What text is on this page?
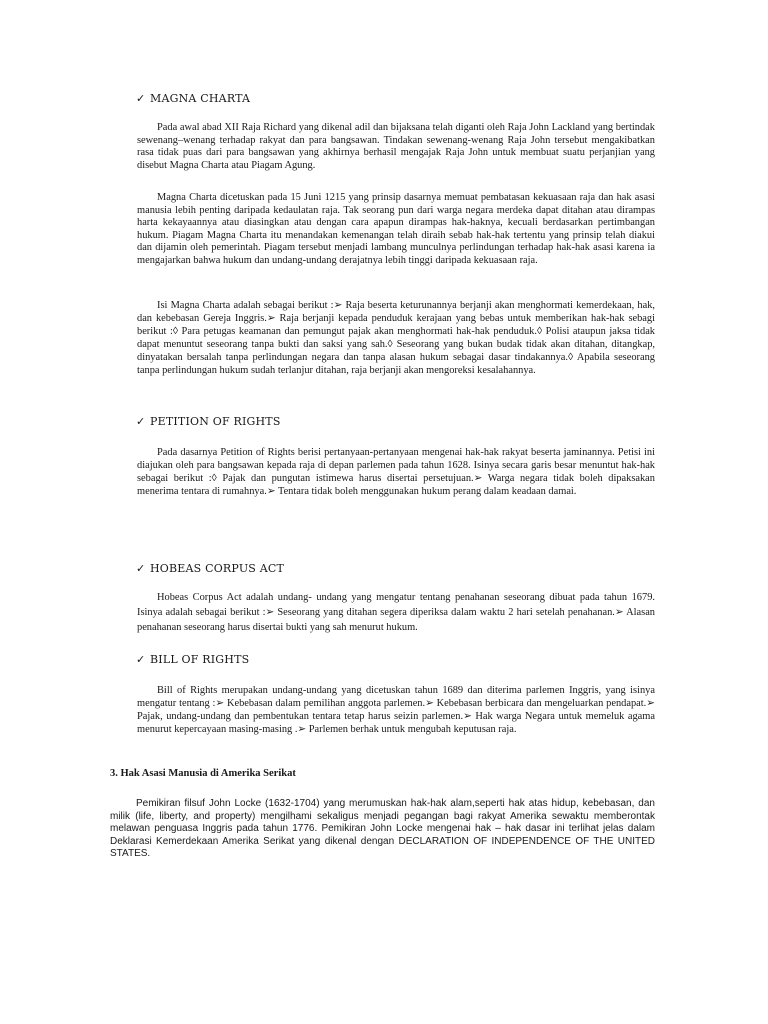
✓ MAGNA CHARTA

Pada awal abad XII Raja Richard yang dikenal adil dan bijaksana telah diganti oleh Raja John Lackland yang bertindak sewenang–wenang terhadap rakyat dan para bangsawan. Tindakan sewenang-wenang Raja John tersebut mengakibatkan rasa tidak puas dari para bangsawan yang akhirnya berhasil mengajak Raja John untuk membuat suatu perjanjian yang disebut Magna Charta atau Piagam Agung.

Magna Charta dicetuskan pada 15 Juni 1215 yang prinsip dasarnya memuat pembatasan kekuasaan raja dan hak asasi manusia lebih penting daripada kedaulatan raja. Tak seorang pun dari warga negara merdeka dapat ditahan atau dirampas harta kekayaannya atau diasingkan atau dengan cara apapun dirampas hak-haknya, kecuali berdasarkan pertimbangan hukum. Piagam Magna Charta itu menandakan kemenangan telah diraih sebab hak-hak tertentu yang prinsip telah diakui dan dijamin oleh pemerintah. Piagam tersebut menjadi lambang munculnya perlindungan terhadap hak-hak asasi karena ia mengajarkan bahwa hukum dan undang-undang derajatnya lebih tinggi daripada kekuasaan raja.

Isi Magna Charta adalah sebagai berikut :➢ Raja beserta keturunannya berjanji akan menghormati kemerdekaan, hak, dan kebebasan Gereja Inggris.➢ Raja berjanji kepada penduduk kerajaan yang bebas untuk memberikan hak-hak sebagi berikut :◊ Para petugas keamanan dan pemungut pajak akan menghormati hak-hak penduduk.◊ Polisi ataupun jaksa tidak dapat menuntut seseorang tanpa bukti dan saksi yang sah.◊ Seseorang yang bukan budak tidak akan ditahan, ditangkap, dinyatakan bersalah tanpa perlindungan negara dan tanpa alasan hukum sebagai dasar tindakannya.◊ Apabila seseorang tanpa perlindungan hukum sudah terlanjur ditahan, raja berjanji akan mengoreksi kesalahannya.

✓ PETITION OF RIGHTS

Pada dasarnya Petition of Rights berisi pertanyaan-pertanyaan mengenai hak-hak rakyat beserta jaminannya. Petisi ini diajukan oleh para bangsawan kepada raja di depan parlemen pada tahun 1628. Isinya secara garis besar menuntut hak-hak sebagai berikut :◊ Pajak dan pungutan istimewa harus disertai persetujuan.➢ Warga negara tidak boleh dipaksakan menerima tentara di rumahnya.➢ Tentara tidak boleh menggunakan hukum perang dalam keadaan damai.

✓ HOBEAS CORPUS ACT

Hobeas Corpus Act adalah undang- undang yang mengatur tentang penahanan seseorang dibuat pada tahun 1679. Isinya adalah sebagai berikut :➢ Seseorang yang ditahan segera diperiksa dalam waktu 2 hari setelah penahanan.➢ Alasan penahanan seseorang harus disertai bukti yang sah menurut hukum.

✓ BILL OF RIGHTS

Bill of Rights merupakan undang-undang yang dicetuskan tahun 1689 dan diterima parlemen Inggris, yang isinya mengatur tentang :➢ Kebebasan dalam pemilihan anggota parlemen.➢ Kebebasan berbicara dan mengeluarkan pendapat.➢ Pajak, undang-undang dan pembentukan tentara tetap harus seizin parlemen.➢ Hak warga Negara untuk memeluk agama menurut kepercayaan masing-masing .➢ Parlemen berhak untuk mengubah keputusan raja.

3. Hak Asasi Manusia di Amerika Serikat

Pemikiran filsuf John Locke (1632-1704) yang merumuskan hak-hak alam,seperti hak atas hidup, kebebasan, dan milik (life, liberty, and property) mengilhami sekaligus menjadi pegangan bagi rakyat Amerika sewaktu memberontak melawan penguasa Inggris pada tahun 1776. Pemikiran John Locke mengenai hak – hak dasar ini terlihat jelas dalam Deklarasi Kemerdekaan Amerika Serikat yang dikenal dengan DECLARATION OF INDEPENDENCE OF THE UNITED STATES.
